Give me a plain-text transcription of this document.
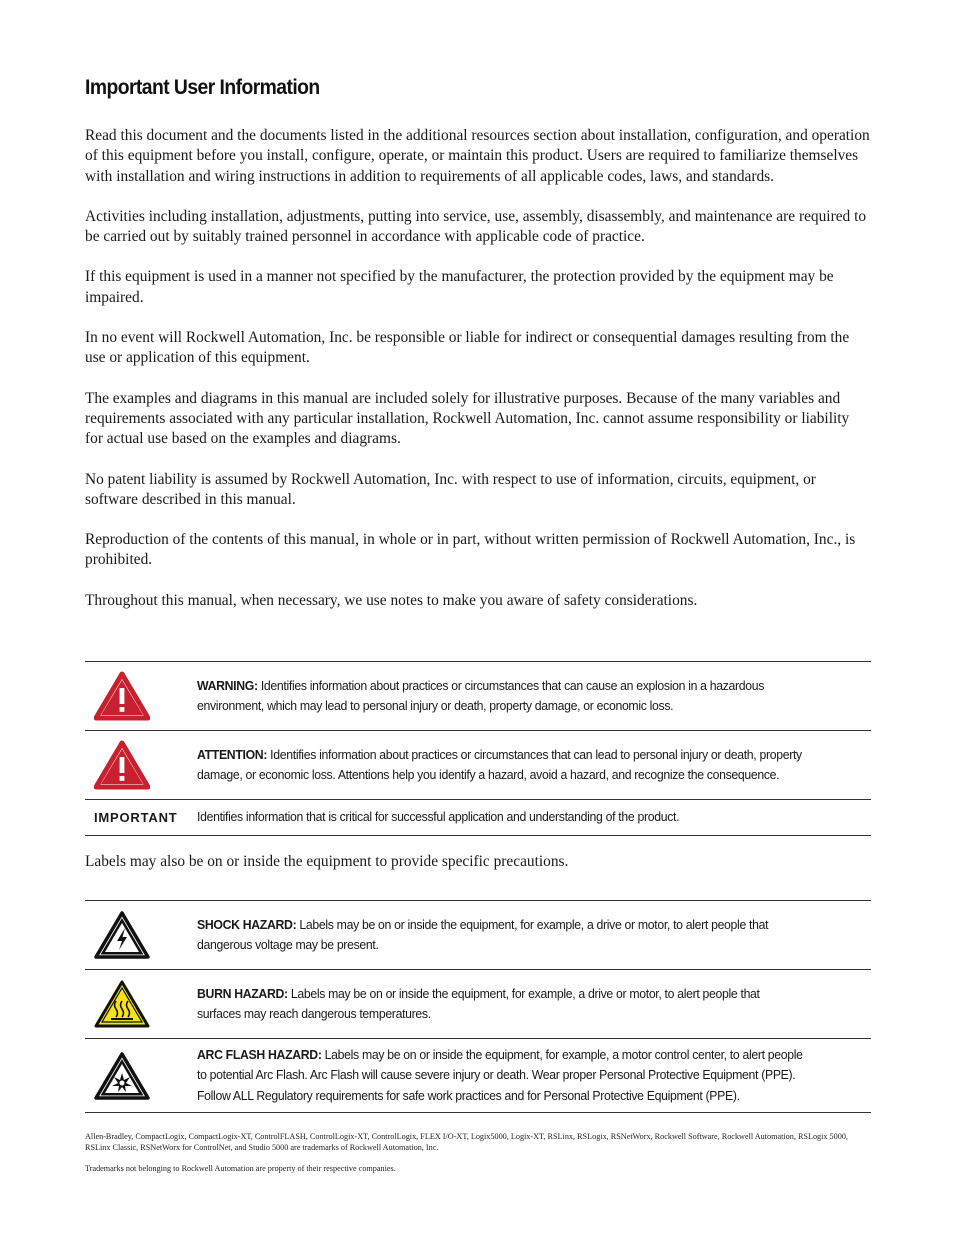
Important User Information

Read this document and the documents listed in the additional resources section about installation, configuration, and operation of this equipment before you install, configure, operate, or maintain this product. Users are required to familiarize themselves with installation and wiring instructions in addition to requirements of all applicable codes, laws, and standards.

Activities including installation, adjustments, putting into service, use, assembly, disassembly, and maintenance are required to be carried out by suitably trained personnel in accordance with applicable code of practice.

If this equipment is used in a manner not specified by the manufacturer, the protection provided by the equipment may be impaired.

In no event will Rockwell Automation, Inc. be responsible or liable for indirect or consequential damages resulting from the use or application of this equipment.

The examples and diagrams in this manual are included solely for illustrative purposes. Because of the many variables and requirements associated with any particular installation, Rockwell Automation, Inc. cannot assume responsibility or liability for actual use based on the examples and diagrams.

No patent liability is assumed by Rockwell Automation, Inc. with respect to use of information, circuits, equipment, or software described in this manual.

Reproduction of the contents of this manual, in whole or in part, without written permission of Rockwell Automation, Inc., is prohibited.

Throughout this manual, when necessary, we use notes to make you aware of safety considerations.

WARNING: Identifies information about practices or circumstances that can cause an explosion in a hazardous environment, which may lead to personal injury or death, property damage, or economic loss.
ATTENTION: Identifies information about practices or circumstances that can lead to personal injury or death, property damage, or economic loss. Attentions help you identify a hazard, avoid a hazard, and recognize the consequence.
IMPORTANT	Identifies information that is critical for successful application and understanding of the product.

Labels may also be on or inside the equipment to provide specific precautions.

SHOCK HAZARD: Labels may be on or inside the equipment, for example, a drive or motor, to alert people that dangerous voltage may be present.
BURN HAZARD: Labels may be on or inside the equipment, for example, a drive or motor, to alert people that surfaces may reach dangerous temperatures.
ARC FLASH HAZARD: Labels may be on or inside the equipment, for example, a motor control center, to alert people to potential Arc Flash. Arc Flash will cause severe injury or death. Wear proper Personal Protective Equipment (PPE). Follow ALL Regulatory requirements for safe work practices and for Personal Protective Equipment (PPE).

Allen-Bradley, CompactLogix, CompactLogix-XT, ControlFLASH, ControlLogix-XT, ControlLogix, FLEX I/O-XT, Logix5000, Logix-XT, RSLinx, RSLogix, RSNetWorx, Rockwell Software, Rockwell Automation, RSLogix 5000, RSLinx Classic, RSNetWorx for ControlNet, and Studio 5000 are trademarks of Rockwell Automation, Inc.

Trademarks not belonging to Rockwell Automation are property of their respective companies.
